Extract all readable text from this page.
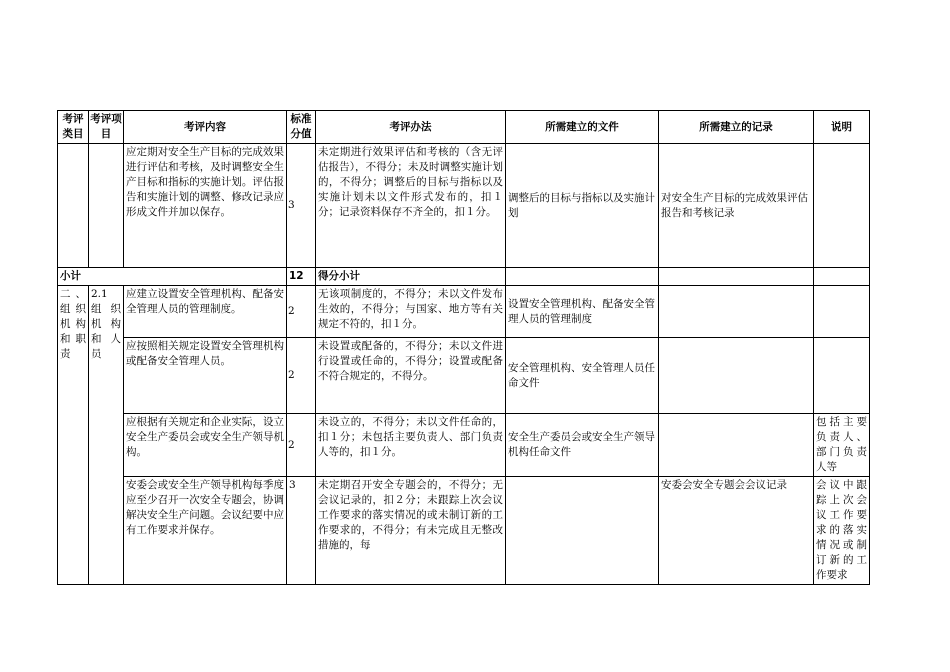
考评类目	考评项目	考评内容	标准分值	考评办法	所需建立的文件	所需建立的记录	说明
		应定期对安全生产目标的完成效果进行评估和考核，及时调整安全生产目标和指标的实施计划。评估报告和实施计划的调整、修改记录应形成文件并加以保存。	3	未定期进行效果评估和考核的（含无评估报告），不得分；未及时调整实施计划的，不得分；调整后的目标与指标以及实施计划未以文件形式发布的，扣１分；记录资料保存不齐全的，扣１分。	调整后的目标与指标以及实施计划	对安全生产目标的完成效果评估报告和考核记录	
小计			12	得分小计			
二、组织机构和职责	2.1 组织机构和人员	应建立设置安全管理机构、配备安全管理人员的管理制度。	2	无该项制度的，不得分；未以文件发布生效的，不得分；与国家、地方等有关规定不符的，扣１分。	设置安全管理机构、配备安全管理人员的管理制度		
		应按照相关规定设置安全管理机构或配备安全管理人员。	2	未设置或配备的，不得分；未以文件进行设置或任命的，不得分；设置或配备不符合规定的，不得分。	安全管理机构、安全管理人员任命文件		
		应根据有关规定和企业实际，设立安全生产委员会或安全生产领导机构。	2	未设立的，不得分；未以文件任命的，扣１分；未包括主要负责人、部门负责人等的，扣１分。	安全生产委员会或安全生产领导机构任命文件		包括主要负责人、部门负责人等
		安委会或安全生产领导机构每季度应至少召开一次安全专题会，协调解决安全生产问题。会议纪要中应有工作要求并保存。	3	未定期召开安全专题会的，不得分；无会议记录的，扣２分；未跟踪上次会议工作要求的落实情况的或未制订新的工作要求的，不得分；有未完成且无整改措施的，每		安委会安全专题会会议记录	会议中跟踪上次会议工作要求的落实情况或制订新的工作要求
